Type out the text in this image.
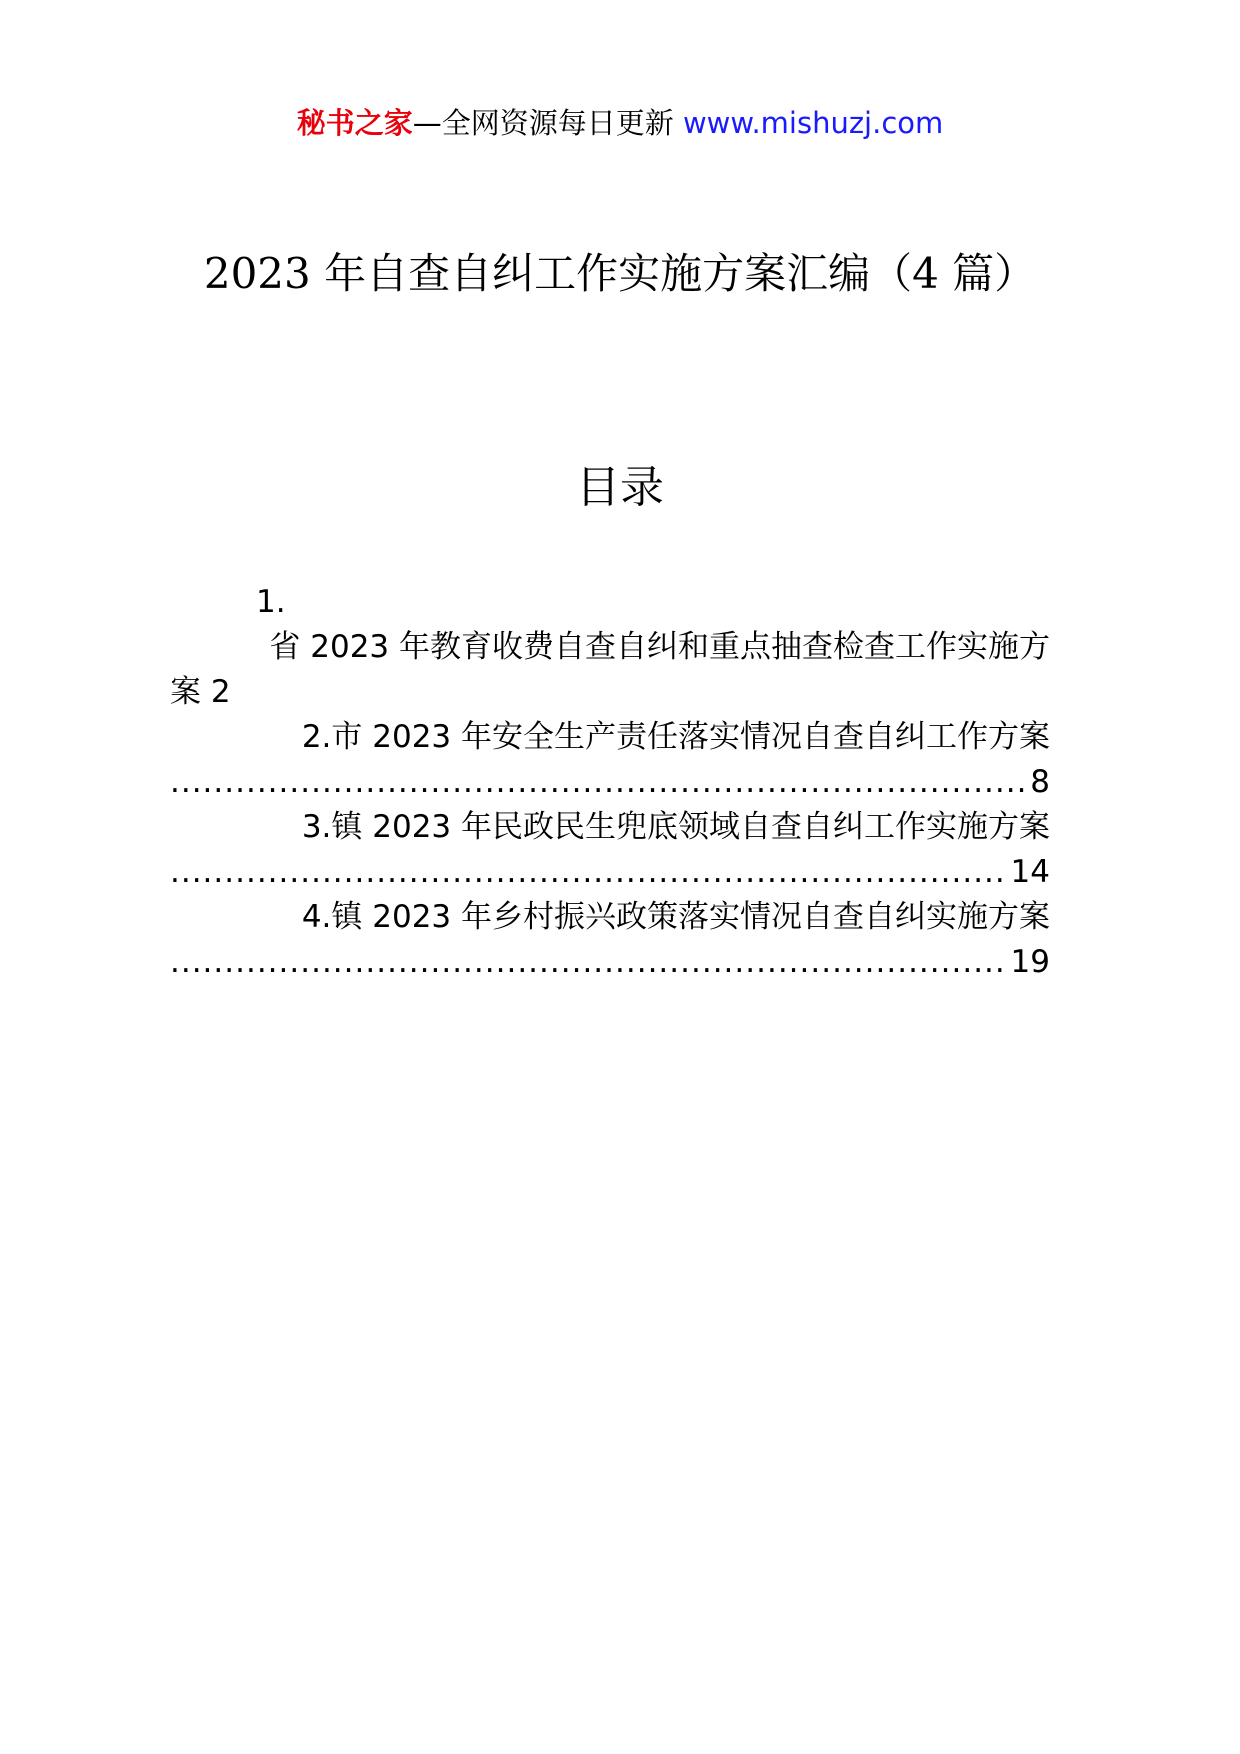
秘书之家—全网资源每日更新 www.mishuzj.com
2023 年自查自纠工作实施方案汇编（4 篇）
目录
1.
省 2023 年教育收费自查自纠和重点抽查检查工作实施方
案 2
2.市 2023 年安全生产责任落实情况自查自纠工作方案
.....
8
3.镇 2023 年民政民生兜底领域自查自纠工作实施方案
.....
14
4.镇 2023 年乡村振兴政策落实情况自查自纠实施方案
.....
19
